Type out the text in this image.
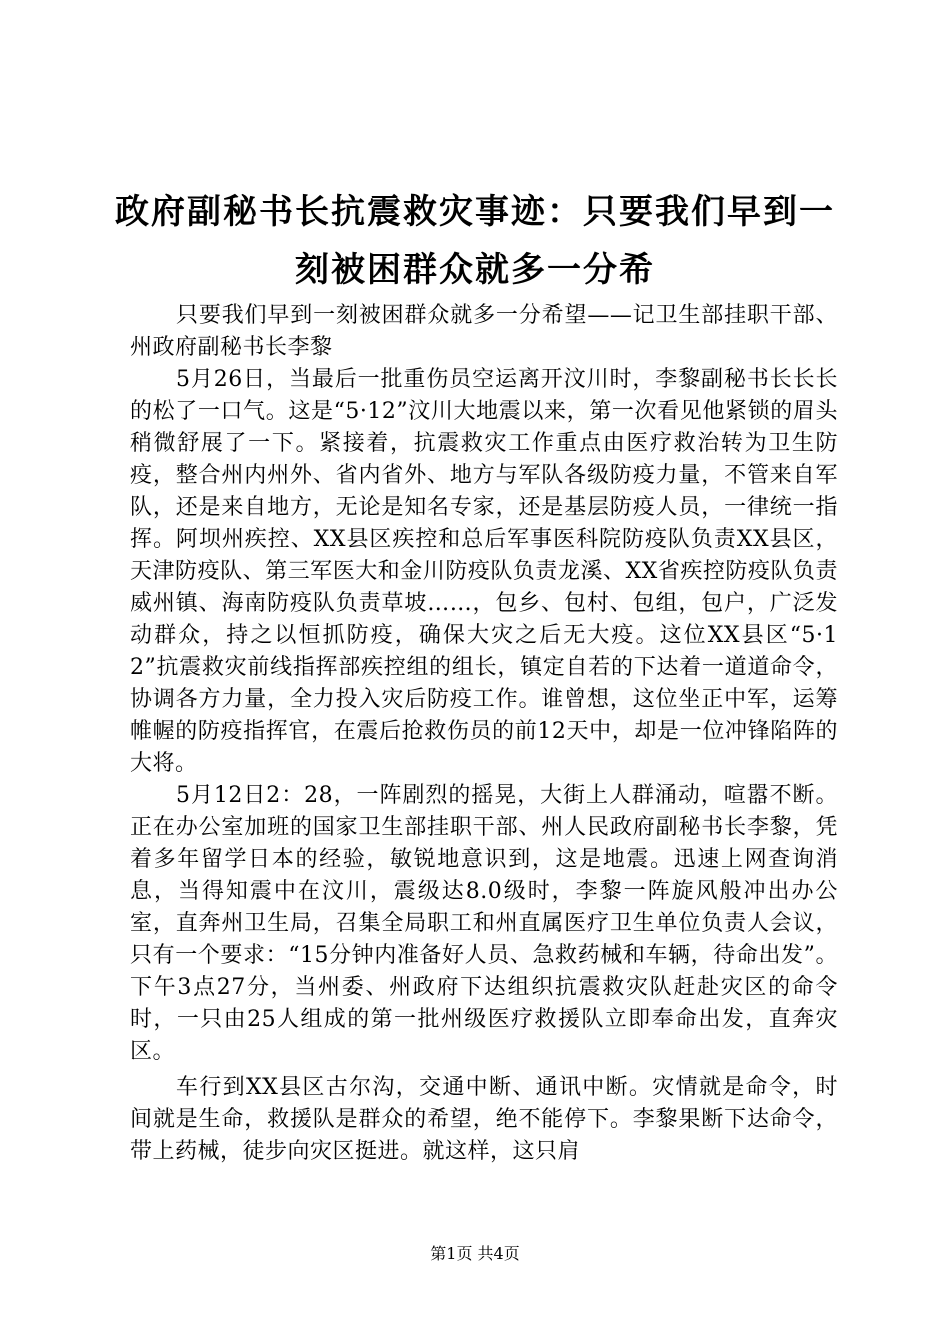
政府副秘书长抗震救灾事迹：只要我们早到一
刻被困群众就多一分希

只要我们早到一刻被困群众就多一分希望——记卫生部挂职干部、州政府副秘书长李黎

5月26日，当最后一批重伤员空运离开汶川时，李黎副秘书长长长的松了一口气。这是“5·12”汶川大地震以来，第一次看见他紧锁的眉头稍微舒展了一下。紧接着，抗震救灾工作重点由医疗救治转为卫生防疫，整合州内州外、省内省外、地方与军队各级防疫力量，不管来自军队，还是来自地方，无论是知名专家，还是基层防疫人员，一律统一指挥。阿坝州疾控、XX县区疾控和总后军事医科院防疫队负责XX县区，天津防疫队、第三军医大和金川防疫队负责龙溪、XX省疾控防疫队负责威州镇、海南防疫队负责草坡……，包乡、包村、包组，包户，广泛发动群众，持之以恒抓防疫，确保大灾之后无大疫。这位XX县区“5·12”抗震救灾前线指挥部疾控组的组长，镇定自若的下达着一道道命令，协调各方力量，全力投入灾后防疫工作。谁曾想，这位坐正中军，运筹帷幄的防疫指挥官，在震后抢救伤员的前12天中，却是一位冲锋陷阵的大将。

5月12日2：28，一阵剧烈的摇晃，大街上人群涌动，喧嚣不断。正在办公室加班的国家卫生部挂职干部、州人民政府副秘书长李黎，凭着多年留学日本的经验，敏锐地意识到，这是地震。迅速上网查询消息，当得知震中在汶川，震级达8.0级时，李黎一阵旋风般冲出办公室，直奔州卫生局，召集全局职工和州直属医疗卫生单位负责人会议，只有一个要求：“15分钟内准备好人员、急救药械和车辆，待命出发”。下午3点27分，当州委、州政府下达组织抗震救灾队赶赴灾区的命令时，一只由25人组成的第一批州级医疗救援队立即奉命出发，直奔灾区。

车行到XX县区古尔沟，交通中断、通讯中断。灾情就是命令，时间就是生命，救援队是群众的希望，绝不能停下。李黎果断下达命令，带上药械，徒步向灾区挺进。就这样，这只肩

第1页 共4页
